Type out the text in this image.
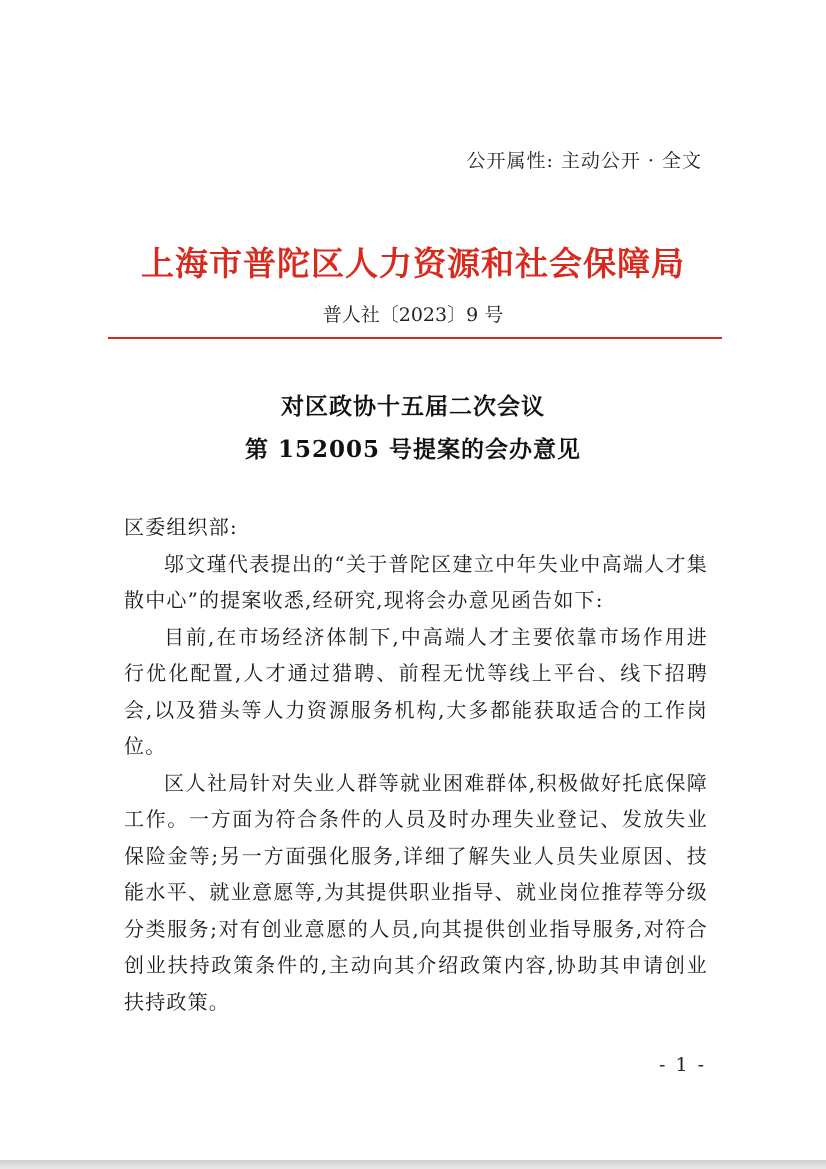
公开属性: 主动公开 · 全文
上海市普陀区人力资源和社会保障局
普人社〔2023〕9 号
对区政协十五届二次会议
第 152005 号提案的会办意见

区委组织部:

邬文瑾代表提出的“关于普陀区建立中年失业中高端人才集散中心”的提案收悉,经研究,现将会办意见函告如下:

目前,在市场经济体制下,中高端人才主要依靠市场作用进行优化配置,人才通过猎聘、前程无忧等线上平台、线下招聘会,以及猎头等人力资源服务机构,大多都能获取适合的工作岗位。

区人社局针对失业人群等就业困难群体,积极做好托底保障工作。一方面为符合条件的人员及时办理失业登记、发放失业保险金等;另一方面强化服务,详细了解失业人员失业原因、技能水平、就业意愿等,为其提供职业指导、就业岗位推荐等分级分类服务;对有创业意愿的人员,向其提供创业指导服务,对符合创业扶持政策条件的,主动向其介绍政策内容,协助其申请创业扶持政策。

- 1 -
